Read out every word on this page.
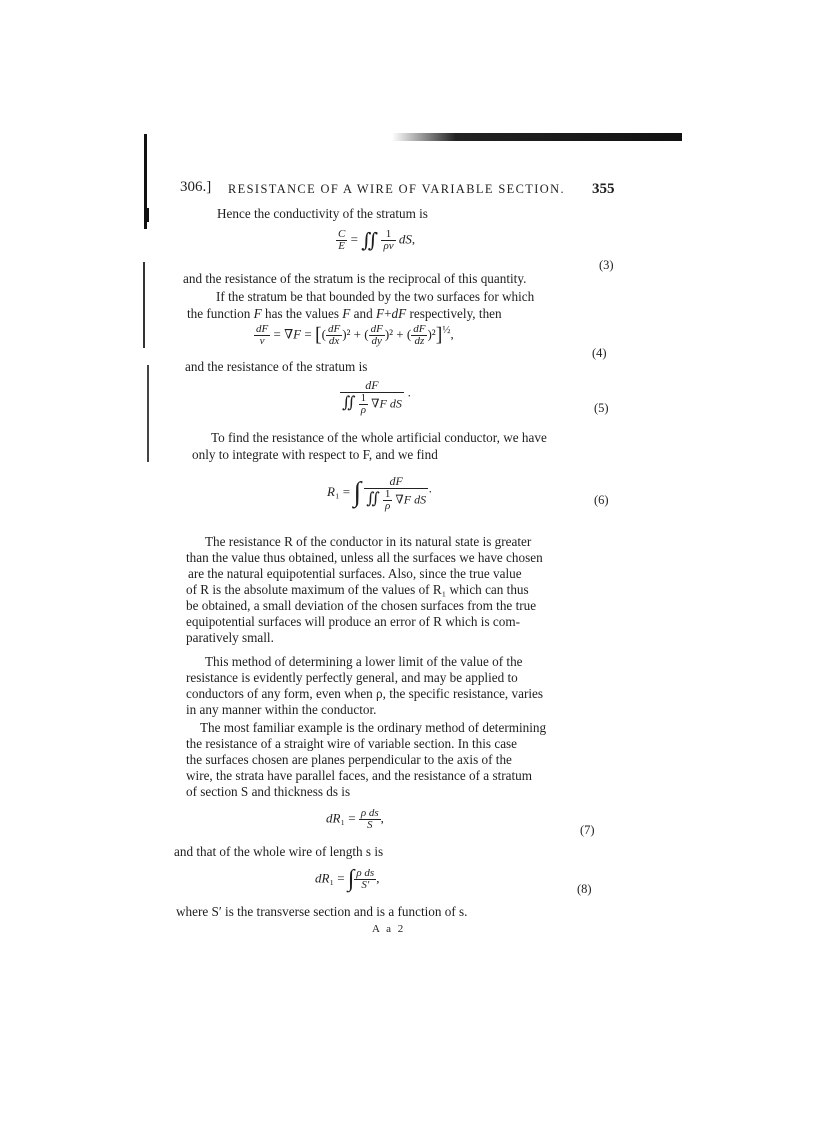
306.] RESISTANCE OF A WIRE OF VARIABLE SECTION. 355
Hence the conductivity of the stratum is
$\frac{C}{E}$ = ∬ $\frac{1}{\rho\nu}$ dS,
(3)
and the resistance of the stratum is the reciprocal of this quantity.
If the stratum be that bounded by the two surfaces for which
the function F has the values F and F+dF respectively, then
$\frac{dF}{\nu} = \nabla F$ = [( $\frac{dF}{dx} )^2$ + ( $\frac{dF}{dy} )^2$ + ( $\frac{dF}{dz} )^2]^{\frac{1}{2}}$,
(4)
and the resistance of the stratum is
$\frac{dF}{∬ \frac{1}{\rho} \nabla F dS}$ ·
(5)
To find the resistance of the whole artificial conductor, we have
only to integrate with respect to F, and we find
R₁ = ∫ $\frac{dF}{∬ \frac{1}{\rho} \nabla F dS}$ ·
(6)
The resistance R of the conductor in its natural state is greater
than the value thus obtained, unless all the surfaces we have chosen
are the natural equipotential surfaces. Also, since the true value
of R is the absolute maximum of the values of R₁ which can thus
be obtained, a small deviation of the chosen surfaces from the true
equipotential surfaces will produce an error of R which is com-
paratively small.
This method of determining a lower limit of the value of the
resistance is evidently perfectly general, and may be applied to
conductors of any form, even when ρ, the specific resistance, varies
in any manner within the conductor.
The most familiar example is the ordinary method of determining
the resistance of a straight wire of variable section. In this case
the surfaces chosen are planes perpendicular to the axis of the
wire, the strata have parallel faces, and the resistance of a stratum
of section S and thickness ds is
$dR_1 = \frac{\text{ρ ds}}{S}$ ,
(7)
and that of the whole wire of length s is
dR₁ = ∫ $\frac{\text{ρ ds}}{S'}$ ,
(8)
where S′ is the transverse section and is a function of s.
A a 2
